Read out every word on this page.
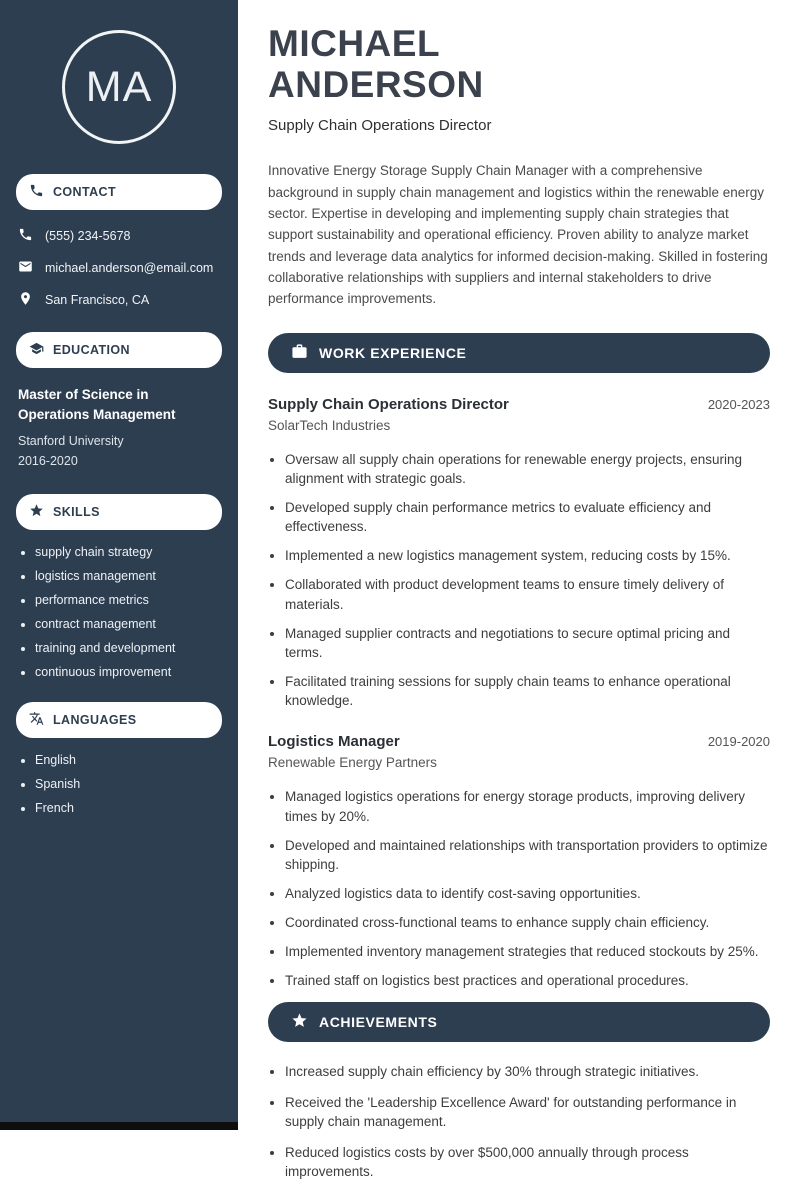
MA
CONTACT
(555) 234-5678
michael.anderson@email.com
San Francisco, CA
EDUCATION
Master of Science in Operations Management
Stanford University
2016-2020
SKILLS
• supply chain strategy
• logistics management
• performance metrics
• contract management
• training and development
• continuous improvement
LANGUAGES
• English
• Spanish
• French
MICHAEL
ANDERSON
Supply Chain Operations Director

Innovative Energy Storage Supply Chain Manager with a comprehensive background in supply chain management and logistics within the renewable energy sector. Expertise in developing and implementing supply chain strategies that support sustainability and operational efficiency. Proven ability to analyze market trends and leverage data analytics for informed decision-making. Skilled in fostering collaborative relationships with suppliers and internal stakeholders to drive performance improvements.

WORK EXPERIENCE
Supply Chain Operations Director	2020-2023
SolarTech Industries
• Oversaw all supply chain operations for renewable energy projects, ensuring alignment with strategic goals.
• Developed supply chain performance metrics to evaluate efficiency and effectiveness.
• Implemented a new logistics management system, reducing costs by 15%.
• Collaborated with product development teams to ensure timely delivery of materials.
• Managed supplier contracts and negotiations to secure optimal pricing and terms.
• Facilitated training sessions for supply chain teams to enhance operational knowledge.
Logistics Manager	2019-2020
Renewable Energy Partners
• Managed logistics operations for energy storage products, improving delivery times by 20%.
• Developed and maintained relationships with transportation providers to optimize shipping.
• Analyzed logistics data to identify cost-saving opportunities.
• Coordinated cross-functional teams to enhance supply chain efficiency.
• Implemented inventory management strategies that reduced stockouts by 25%.
• Trained staff on logistics best practices and operational procedures.
ACHIEVEMENTS
• Increased supply chain efficiency by 30% through strategic initiatives.
• Received the 'Leadership Excellence Award' for outstanding performance in supply chain management.
• Reduced logistics costs by over $500,000 annually through process improvements.
